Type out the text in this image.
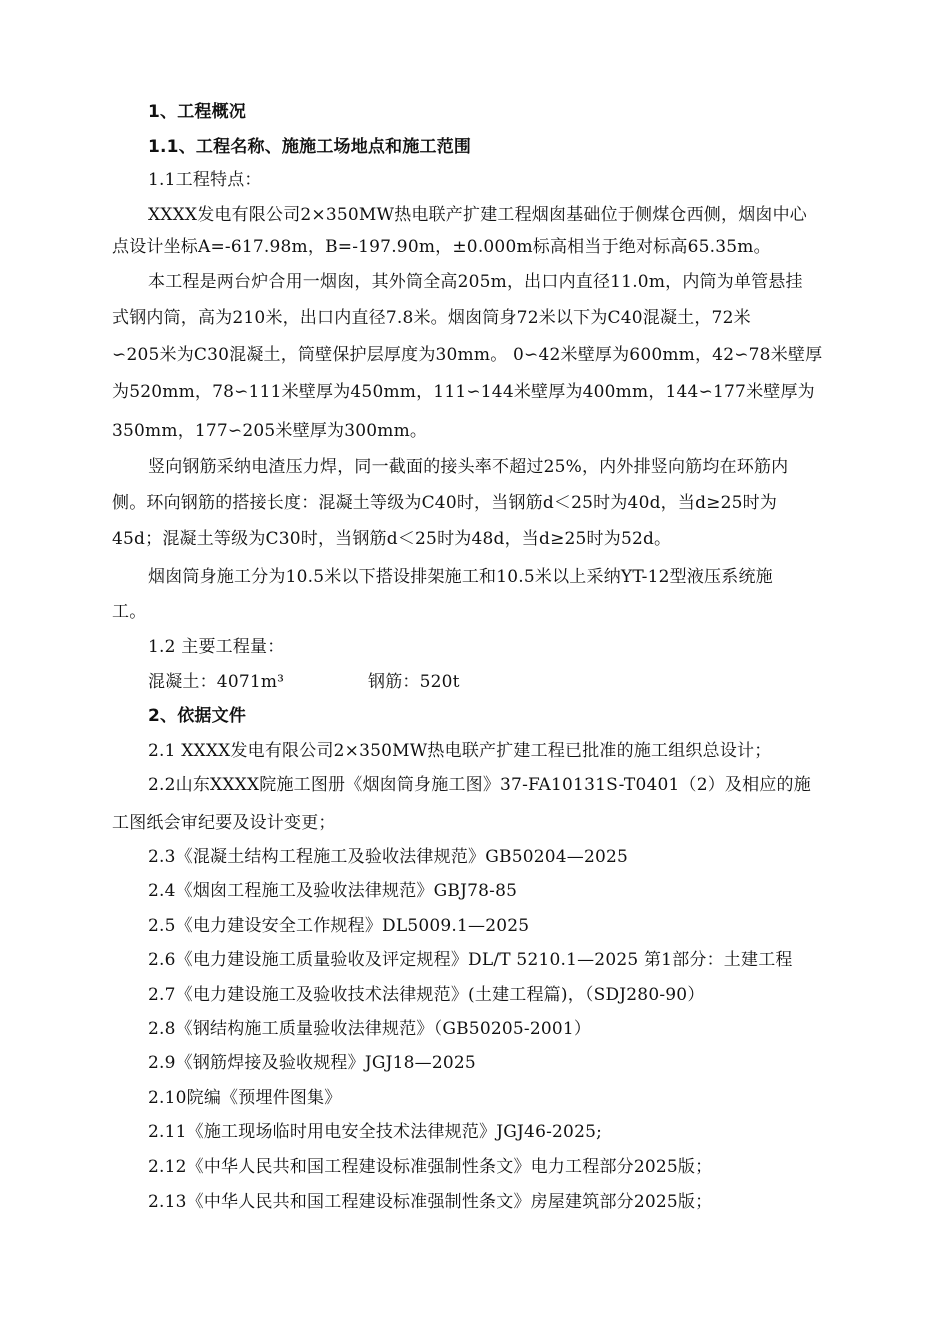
1、工程概况
1.1、工程名称、施施工场地点和施工范围
1.1工程特点：
XXXX发电有限公司2×350MW热电联产扩建工程烟囱基础位于侧煤仓西侧，烟囱中心
点设计坐标A=-617.98m，B=-197.90m，±0.000m标高相当于绝对标高65.35m。
本工程是两台炉合用一烟囱，其外筒全高205m，出口内直径11.0m，内筒为单管悬挂
式钢内筒，高为210米，出口内直径7.8米。烟囱筒身72米以下为C40混凝土，72米
∽205米为C30混凝土，筒壁保护层厚度为30mm。 0∽42米壁厚为600mm，42∽78米壁厚
为520mm，78∽111米壁厚为450mm，111∽144米壁厚为400mm，144∽177米壁厚为
350mm，177∽205米壁厚为300mm。
竖向钢筋采纳电渣压力焊，同一截面的接头率不超过25%，内外排竖向筋均在环筋内
侧。环向钢筋的搭接长度：混凝土等级为C40时，当钢筋d＜25时为40d，当d≥25时为
45d；混凝土等级为C30时，当钢筋d＜25时为48d，当d≥25时为52d。
烟囱筒身施工分为10.5米以下搭设排架施工和10.5米以上采纳YT-12型液压系统施
工。
1.2 主要工程量：
混凝土：4071m³	钢筋：520t
2、依据文件
2.1 XXXX发电有限公司2×350MW热电联产扩建工程已批准的施工组织总设计；
2.2山东XXXX院施工图册《烟囱筒身施工图》37-FA10131S-T0401（2）及相应的施
工图纸会审纪要及设计变更；
2.3《混凝土结构工程施工及验收法律规范》GB50204—2025
2.4《烟囱工程施工及验收法律规范》GBJ78-85
2.5《电力建设安全工作规程》DL5009.1—2025
2.6《电力建设施工质量验收及评定规程》DL/T 5210.1—2025 第1部分：土建工程
2.7《电力建设施工及验收技术法律规范》(土建工程篇)，（SDJ280-90）
2.8《钢结构施工质量验收法律规范》（GB50205-2001）
2.9《钢筋焊接及验收规程》JGJ18—2025
2.10院编《预埋件图集》
2.11《施工现场临时用电安全技术法律规范》JGJ46-2025;
2.12《中华人民共和国工程建设标准强制性条文》电力工程部分2025版；
2.13《中华人民共和国工程建设标准强制性条文》房屋建筑部分2025版；
